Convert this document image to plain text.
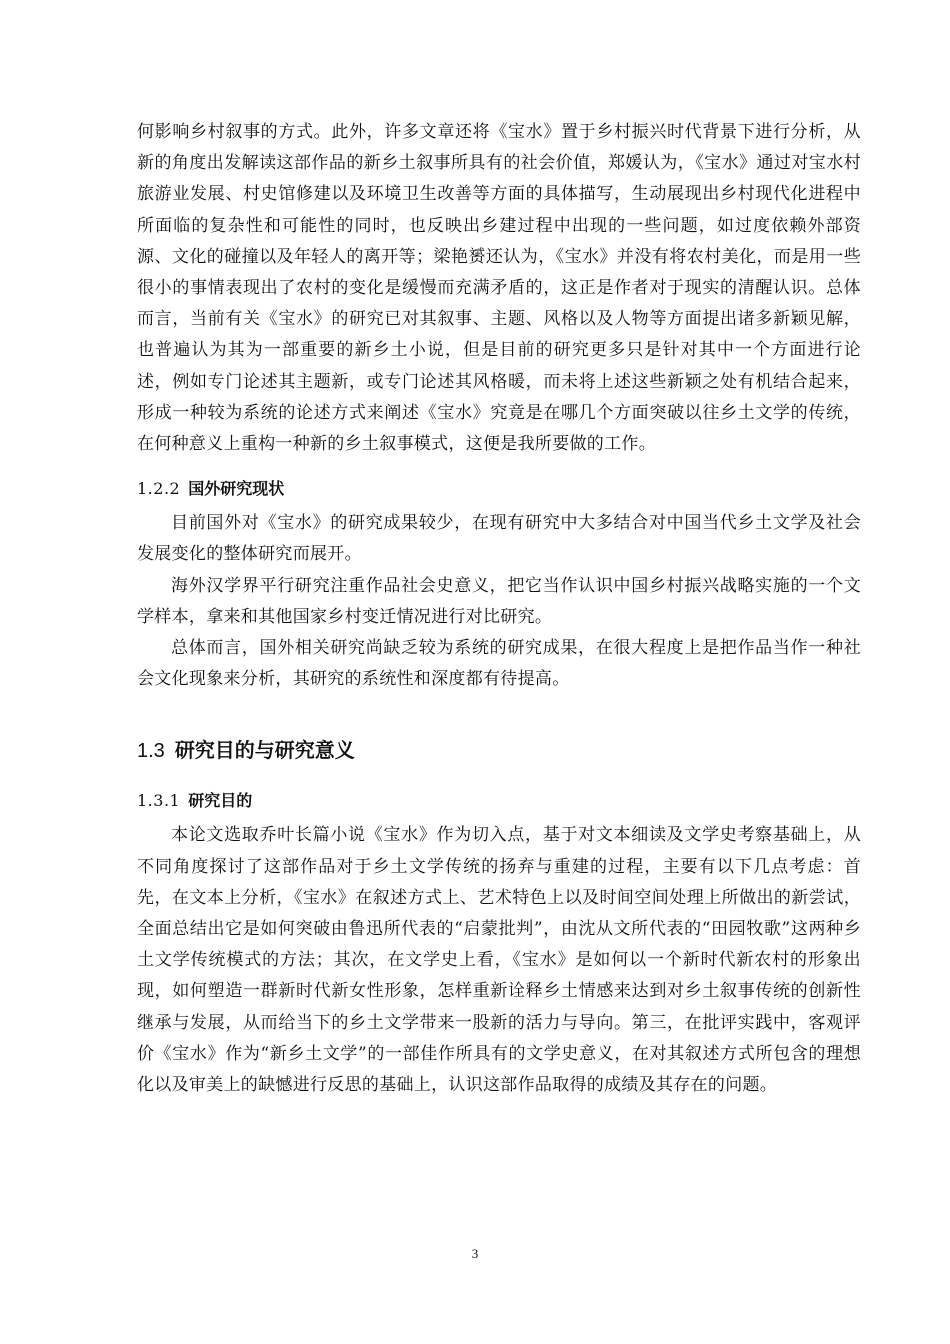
何影响乡村叙事的方式。此外，许多文章还将《宝水》置于乡村振兴时代背景下进行分析，从新的角度出发解读这部作品的新乡土叙事所具有的社会价值，郑媛认为，《宝水》通过对宝水村旅游业发展、村史馆修建以及环境卫生改善等方面的具体描写，生动展现出乡村现代化进程中所面临的复杂性和可能性的同时，也反映出乡建过程中出现的一些问题，如过度依赖外部资源、文化的碰撞以及年轻人的离开等；梁艳赟还认为，《宝水》并没有将农村美化，而是用一些很小的事情表现出了农村的变化是缓慢而充满矛盾的，这正是作者对于现实的清醒认识。总体而言，当前有关《宝水》的研究已对其叙事、主题、风格以及人物等方面提出诸多新颖见解，也普遍认为其为一部重要的新乡土小说，但是目前的研究更多只是针对其中一个方面进行论述，例如专门论述其主题新，或专门论述其风格暖，而未将上述这些新颖之处有机结合起来，形成一种较为系统的论述方式来阐述《宝水》究竟是在哪几个方面突破以往乡土文学的传统，在何种意义上重构一种新的乡土叙事模式，这便是我所要做的工作。

1.2.2 国外研究现状

目前国外对《宝水》的研究成果较少，在现有研究中大多结合对中国当代乡土文学及社会发展变化的整体研究而展开。

海外汉学界平行研究注重作品社会史意义，把它当作认识中国乡村振兴战略实施的一个文学样本，拿来和其他国家乡村变迁情况进行对比研究。

总体而言，国外相关研究尚缺乏较为系统的研究成果，在很大程度上是把作品当作一种社会文化现象来分析，其研究的系统性和深度都有待提高。

1.3 研究目的与研究意义
1.3.1 研究目的

本论文选取乔叶长篇小说《宝水》作为切入点，基于对文本细读及文学史考察基础上，从不同角度探讨了这部作品对于乡土文学传统的扬弃与重建的过程，主要有以下几点考虑：首先，在文本上分析，《宝水》在叙述方式上、艺术特色上以及时间空间处理上所做出的新尝试，全面总结出它是如何突破由鲁迅所代表的“启蒙批判”，由沈从文所代表的“田园牧歌”这两种乡土文学传统模式的方法；其次，在文学史上看，《宝水》是如何以一个新时代新农村的形象出现，如何塑造一群新时代新女性形象，怎样重新诠释乡土情感来达到对乡土叙事传统的创新性继承与发展，从而给当下的乡土文学带来一股新的活力与导向。第三，在批评实践中，客观评价《宝水》作为“新乡土文学”的一部佳作所具有的文学史意义，在对其叙述方式所包含的理想化以及审美上的缺憾进行反思的基础上，认识这部作品取得的成绩及其存在的问题。

3
